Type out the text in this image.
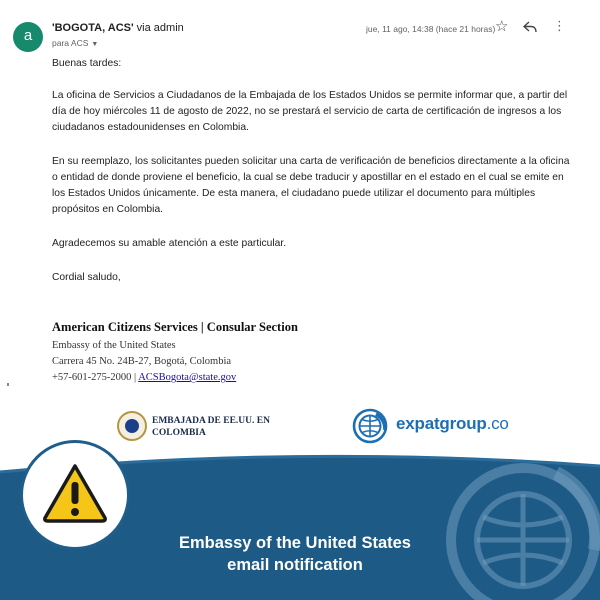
a	'BOGOTA, ACS' via admin
para ACS ▼
jue, 11 ago, 14:38 (hace 21 horas) ☆	⋮
Buenas tardes:
La oficina de Servicios a Ciudadanos de la Embajada de los Estados Unidos se permite informar que, a partir del día de hoy miércoles 11 de agosto de 2022, no se prestará el servicio de carta de certificación de ingresos a los ciudadanos estadounidenses en Colombia.
En su reemplazo, los solicitantes pueden solicitar una carta de verificación de beneficios directamente a la oficina o entidad de donde proviene el beneficio, la cual se debe traducir y apostillar en el estado en el cual se emite en los Estados Unidos únicamente. De esta manera, el ciudadano puede utilizar el documento para múltiples propósitos en Colombia.
Agradecemos su amable atención a este particular.
Cordial saludo,
American Citizens Services | Consular Section
Embassy of the United States
Carrera 45 No. 24B-27, Bogotá, Colombia
+57-601-275-2000 | ACSBogota@state.gov
EMBAJADA DE EE.UU. EN
COLOMBIA	expatgroup.co
Embassy of the United States
email notification
